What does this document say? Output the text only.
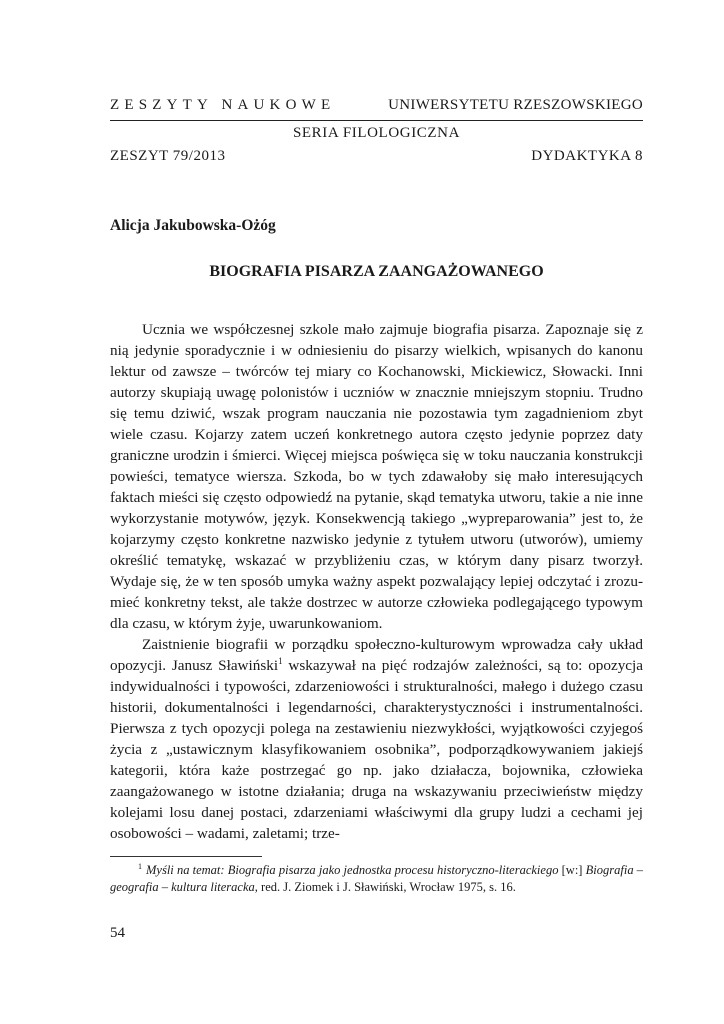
ZESZYTY NAUKOWE	UNIWERSYTETU RZESZOWSKIEGO
SERIA FILOLOGICZNA
ZESZYT 79/2013	DYDAKTYKA 8
Alicja Jakubowska-Ożóg
BIOGRAFIA PISARZA ZAANGAŻOWANEGO

Ucznia we współczesnej szkole mało zajmuje biografia pisarza. Zapoznaje się z nią jedynie sporadycznie i w odniesieniu do pisarzy wielkich, wpisanych do kanonu lektur od zawsze – twórców tej miary co Kochanowski, Mickiewicz, Słowacki. Inni autorzy skupiają uwagę polonistów i uczniów w znacznie mniejszym stopniu. Trudno się temu dziwić, wszak program nauczania nie pozostawia tym zagadnieniom zbyt wiele czasu. Kojarzy zatem uczeń konkretnego autora często jedynie poprzez daty graniczne urodzin i śmierci. Więcej miejsca poświęca się w toku nauczania konstrukcji powieści, tematyce wiersza. Szkoda, bo w tych zdawałoby się mało interesujących faktach mieści się często odpowiedź na pytanie, skąd tematyka utworu, takie a nie inne wykorzystanie motywów, język. Konsekwencją takiego „wypreparowania” jest to, że kojarzymy często konkretne nazwisko jedynie z tytułem utworu (utworów), umiemy określić tematykę, wskazać w przybliżeniu czas, w którym dany pisarz tworzył. Wydaje się, że w ten sposób umyka ważny aspekt pozwalający lepiej odczytać i zrozumieć konkretny tekst, ale także dostrzec w autorze człowieka podlegającego typowym dla czasu, w którym żyje, uwarunkowaniom.

Zaistnienie biografii w porządku społeczno-kulturowym wprowadza cały układ opozycji. Janusz Sławiński$^1$ wskazywał na pięć rodzajów zależności, są to: opozycja indywidualności i typowości, zdarzeniowości i strukturalności, małego i dużego czasu historii, dokumentalności i legendarności, charakterystyczności i instrumentalności. Pierwsza z tych opozycji polega na zestawieniu niezwykłości, wyjątkowości czyjegoś życia z „ustawicznym klasyfikowaniem osobnika”, podporządkowywaniem jakiejś kategorii, która każe postrzegać go np. jako działacza, bojownika, człowieka zaangażowanego w istotne działania; druga na wskazywaniu przeciwieństw między kolejami losu danej postaci, zdarzeniami właściwymi dla grupy ludzi a cechami jej osobowości – wadami, zaletami; trze-

$^1$ Myśli na temat: Biografia pisarza jako jednostka procesu historyczno-literackiego [w:] Biografia – geografia – kultura literacka, red. J. Ziomek i J. Sławiński, Wrocław 1975, s. 16.
54
